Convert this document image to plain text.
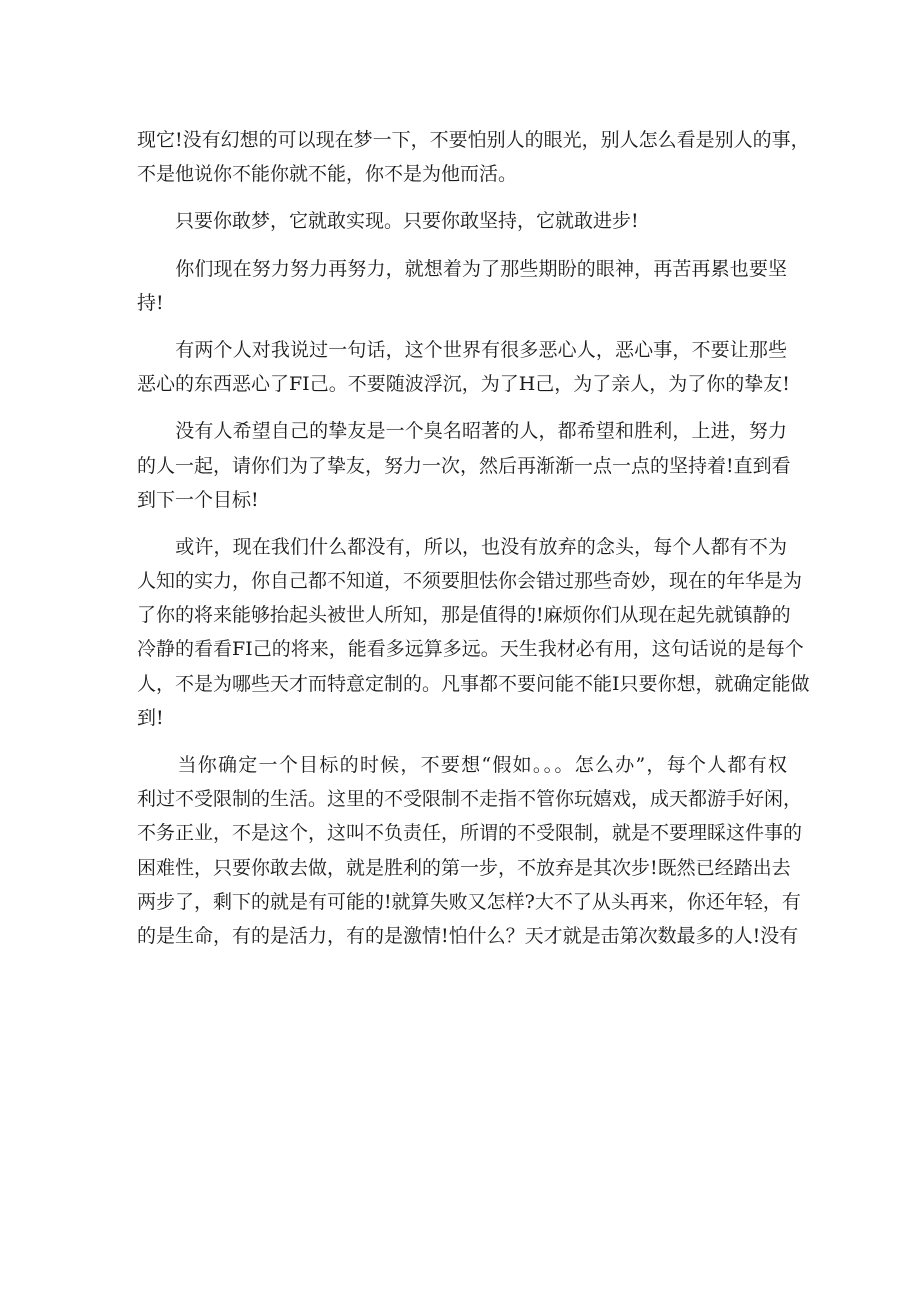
现它!没有幻想的可以现在梦一下，不要怕别人的眼光，别人怎么看是别人的事，
不是他说你不能你就不能，你不是为他而活。
　　只要你敢梦，它就敢实现。只要你敢坚持，它就敢进步!
　　你们现在努力努力再努力，就想着为了那些期盼的眼神，再苦再累也要坚
持!
　　有两个人对我说过一句话，这个世界有很多恶心人，恶心事，不要让那些
恶心的东西恶心了FI己。不要随波浮沉，为了H己，为了亲人，为了你的挚友!
　　没有人希望自己的挚友是一个臭名昭著的人，都希望和胜利，上进，努力
的人一起，请你们为了挚友，努力一次，然后再渐渐一点一点的坚持着!直到看
到下一个目标!
　　或许，现在我们什么都没有，所以，也没有放弃的念头，每个人都有不为
人知的实力，你自己都不知道，不须要胆怯你会错过那些奇妙，现在的年华是为
了你的将来能够抬起头被世人所知，那是值得的!麻烦你们从现在起先就镇静的
冷静的看看FI己的将来，能看多远算多远。天生我材必有用，这句话说的是每个
人，不是为哪些天才而特意定制的。凡事都不要问能不能I只要你想，就确定能做
到!
　　当你确定一个目标的时候，不要想“假如。。。怎么办”，每个人都有权
利过不受限制的生活。这里的不受限制不走指不管你玩嬉戏，成天都游手好闲，
不务正业，不是这个，这叫不负责任，所谓的不受限制，就是不要理睬这件事的
困难性，只要你敢去做，就是胜利的第一步，不放弃是其次步!既然已经踏出去
两步了，剩下的就是有可能的!就算失败又怎样?大不了从头再来，你还年轻，有
的是生命，有的是活力，有的是激情!怕什么？天才就是击第次数最多的人!没有
